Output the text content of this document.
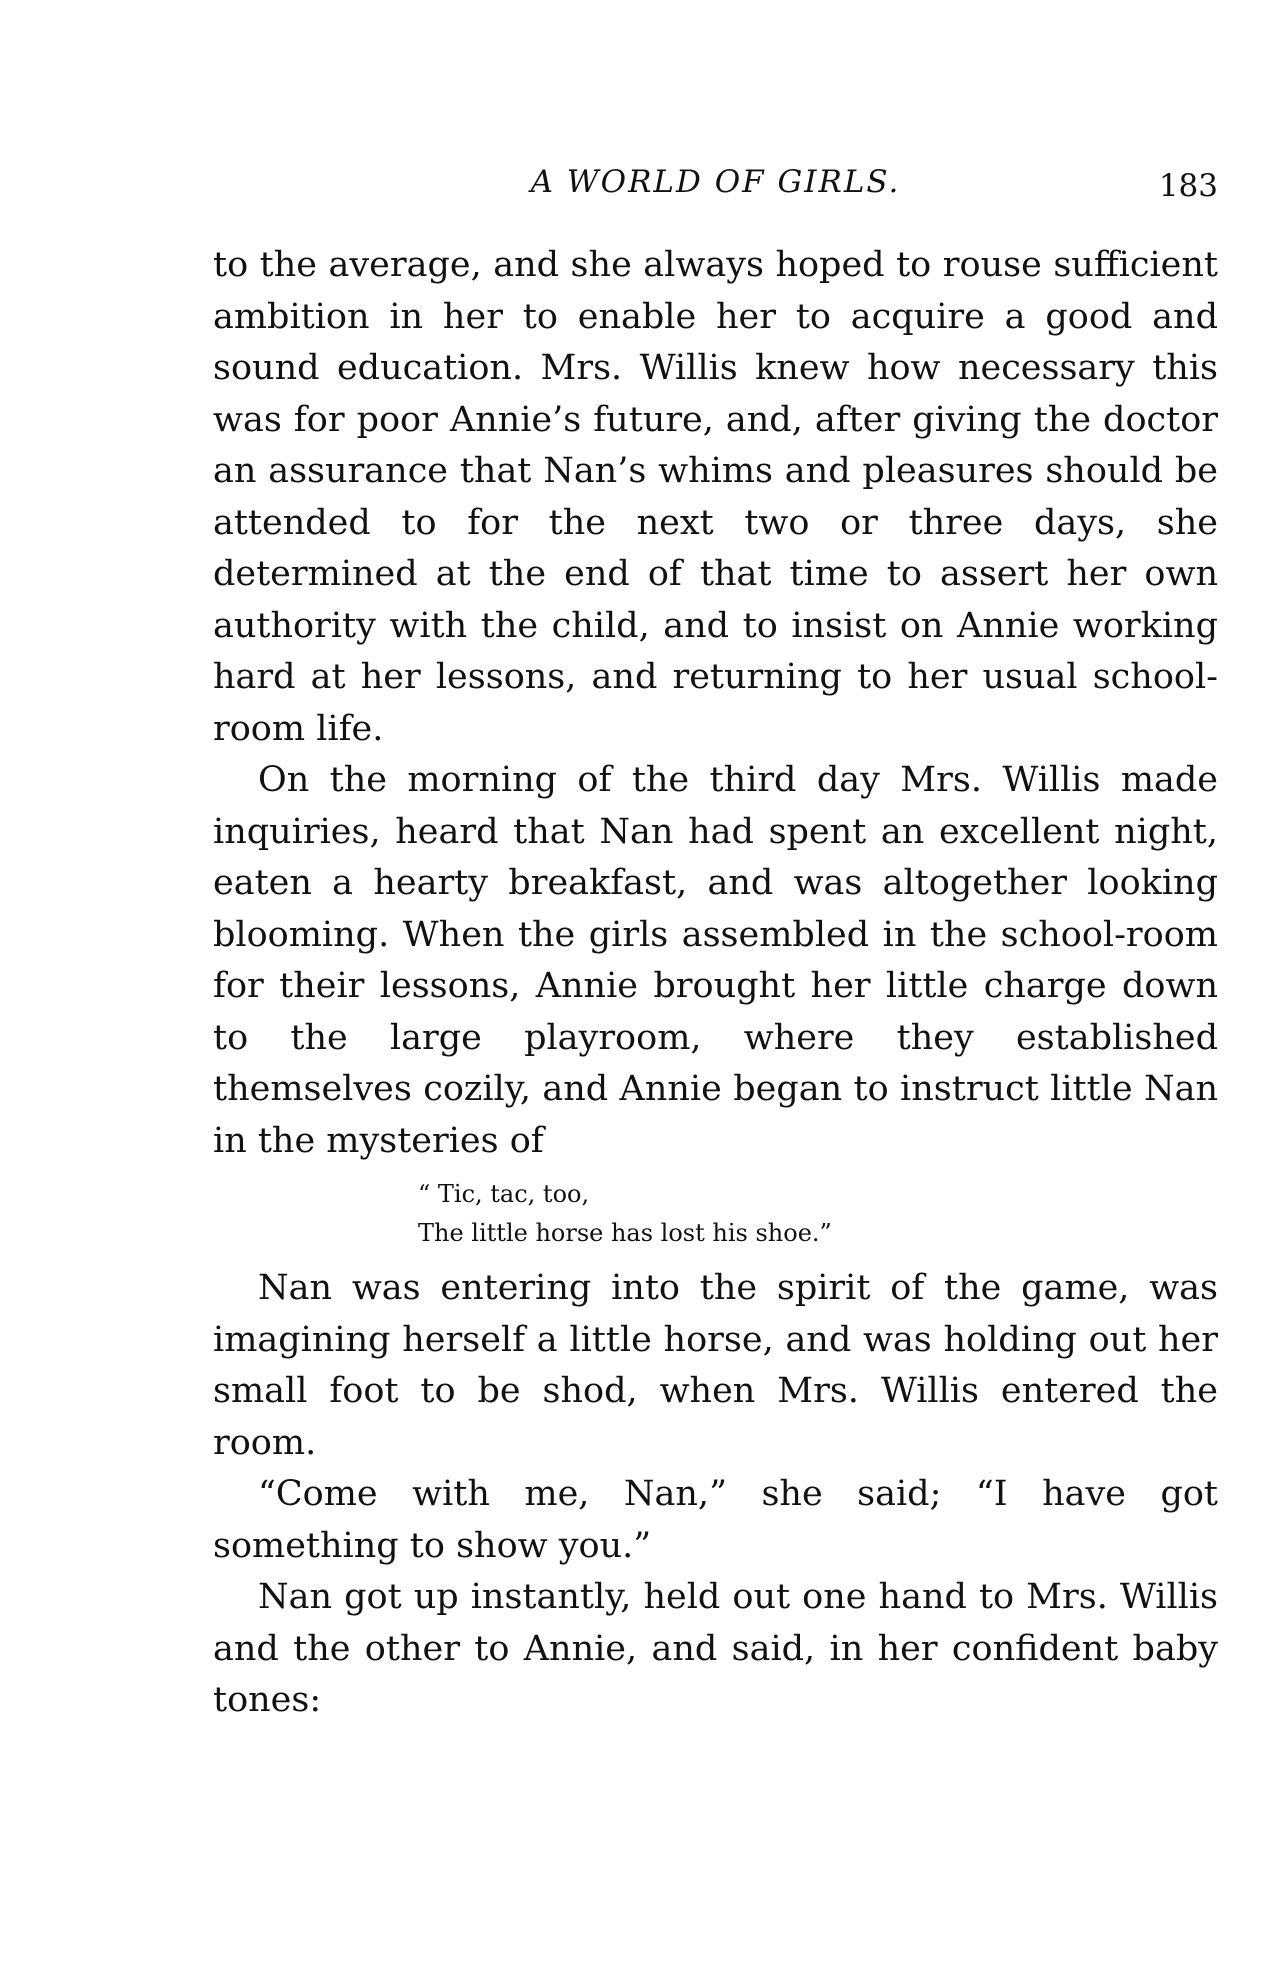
A WORLD OF GIRLS.	183

to the average, and she always hoped to rouse sufficient ambition in her to enable her to acquire a good and sound education. Mrs. Willis knew how necessary this was for poor Annie’s future, and, after giving the doctor an assurance that Nan’s whims and pleasures should be attended to for the next two or three days, she determined at the end of that time to assert her own authority with the child, and to insist on Annie working hard at her lessons, and returning to her usual school-room life.

On the morning of the third day Mrs. Willis made inquiries, heard that Nan had spent an excellent night, eaten a hearty breakfast, and was altogether looking blooming. When the girls assembled in the school-room for their lessons, Annie brought her little charge down to the large playroom, where they established themselves cozily, and Annie began to instruct little Nan in the mysteries of

“ Tic, tac, too,
The little horse has lost his shoe.”

Nan was entering into the spirit of the game, was imagining herself a little horse, and was holding out her small foot to be shod, when Mrs. Willis entered the room.

“Come with me, Nan,” she said; “I have got something to show you.”

Nan got up instantly, held out one hand to Mrs. Willis and the other to Annie, and said, in her confident baby tones:
